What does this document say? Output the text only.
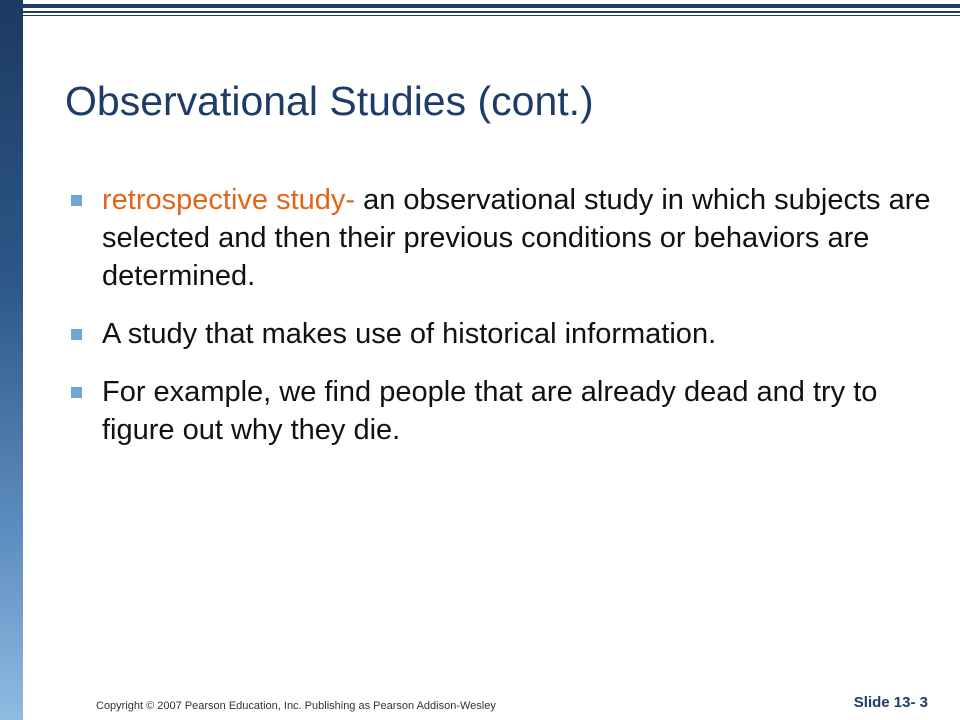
Observational Studies (cont.)
retrospective study- an observational study in which subjects are selected and then their previous conditions or behaviors are determined.
A study that makes use of historical information.
For example, we find people that are already dead and try to figure out why they die.
Copyright © 2007 Pearson Education, Inc. Publishing as Pearson Addison-Wesley	Slide 13- 3
